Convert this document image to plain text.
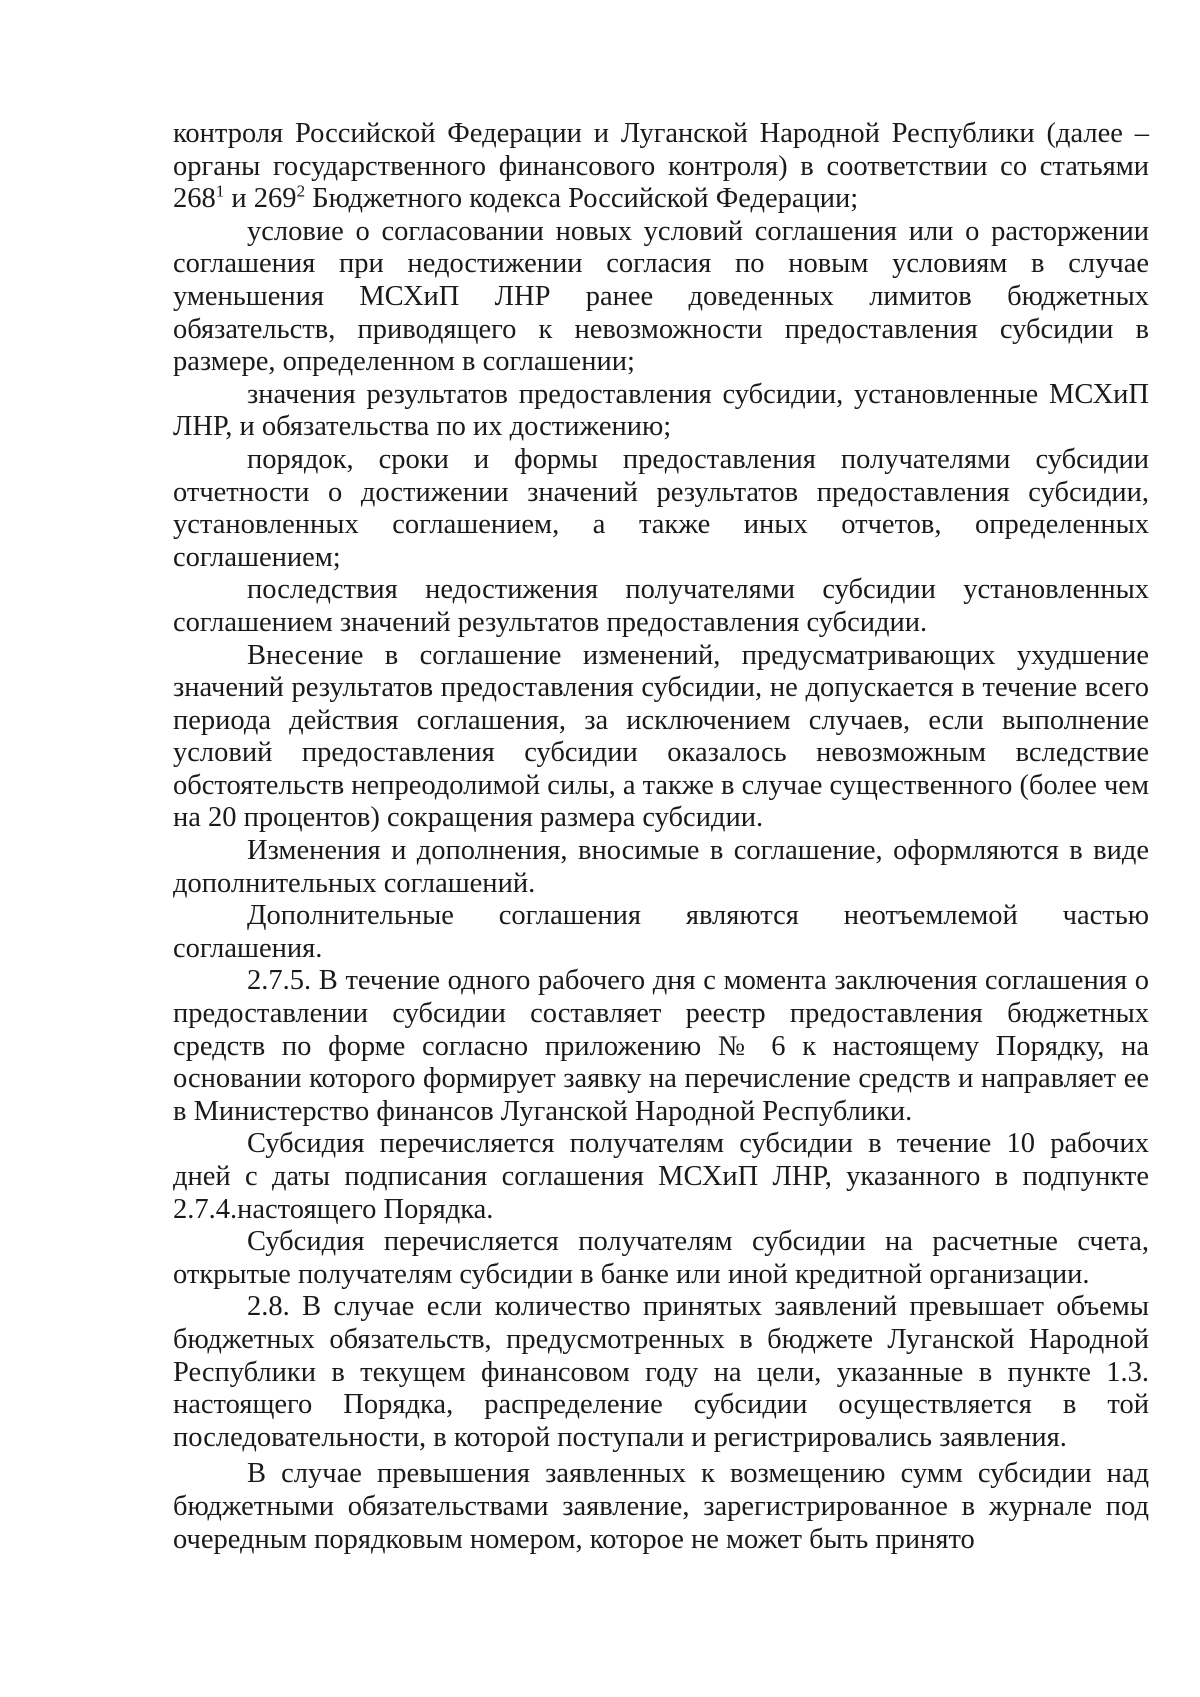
контроля Российской Федерации и Луганской Народной Республики (далее – органы государственного финансового контроля) в соответствии со статьями $268^1$ и $269^2$ Бюджетного кодекса Российской Федерации;

условие о согласовании новых условий соглашения или о расторжении соглашения при недостижении согласия по новым условиям в случае уменьшения МСХиП ЛНР ранее доведенных лимитов бюджетных обязательств, приводящего к невозможности предоставления субсидии в размере, определенном в соглашении;

значения результатов предоставления субсидии, установленные МСХиП ЛНР, и обязательства по их достижению;

порядок, сроки и формы предоставления получателями субсидии отчетности о достижении значений результатов предоставления субсидии, установленных соглашением, а также иных отчетов, определенных соглашением;

последствия недостижения получателями субсидии установленных соглашением значений результатов предоставления субсидии.

Внесение в соглашение изменений, предусматривающих ухудшение значений результатов предоставления субсидии, не допускается в течение всего периода действия соглашения, за исключением случаев, если выполнение условий предоставления субсидии оказалось невозможным вследствие обстоятельств непреодолимой силы, а также в случае существенного (более чем на 20 процентов) сокращения размера субсидии.

Изменения и дополнения, вносимые в соглашение, оформляются в виде дополнительных соглашений.

Дополнительные соглашения являются неотъемлемой частью соглашения.

2.7.5. В течение одного рабочего дня с момента заключения соглашения о предоставлении субсидии составляет реестр предоставления бюджетных средств по форме согласно приложению № 6 к настоящему Порядку, на основании которого формирует заявку на перечисление средств и направляет ее в Министерство финансов Луганской Народной Республики.

Субсидия перечисляется получателям субсидии в течение 10 рабочих дней с даты подписания соглашения МСХиП ЛНР, указанного в подпункте 2.7.4.настоящего Порядка.

Субсидия перечисляется получателям субсидии на расчетные счета, открытые получателям субсидии в банке или иной кредитной организации.

2.8. В случае если количество принятых заявлений превышает объемы бюджетных обязательств, предусмотренных в бюджете Луганской Народной Республики в текущем финансовом году на цели, указанные в пункте 1.3. настоящего Порядка, распределение субсидии осуществляется в той последовательности, в которой поступали и регистрировались заявления.

В случае превышения заявленных к возмещению сумм субсидии над бюджетными обязательствами заявление, зарегистрированное в журнале под очередным порядковым номером, которое не может быть принято
